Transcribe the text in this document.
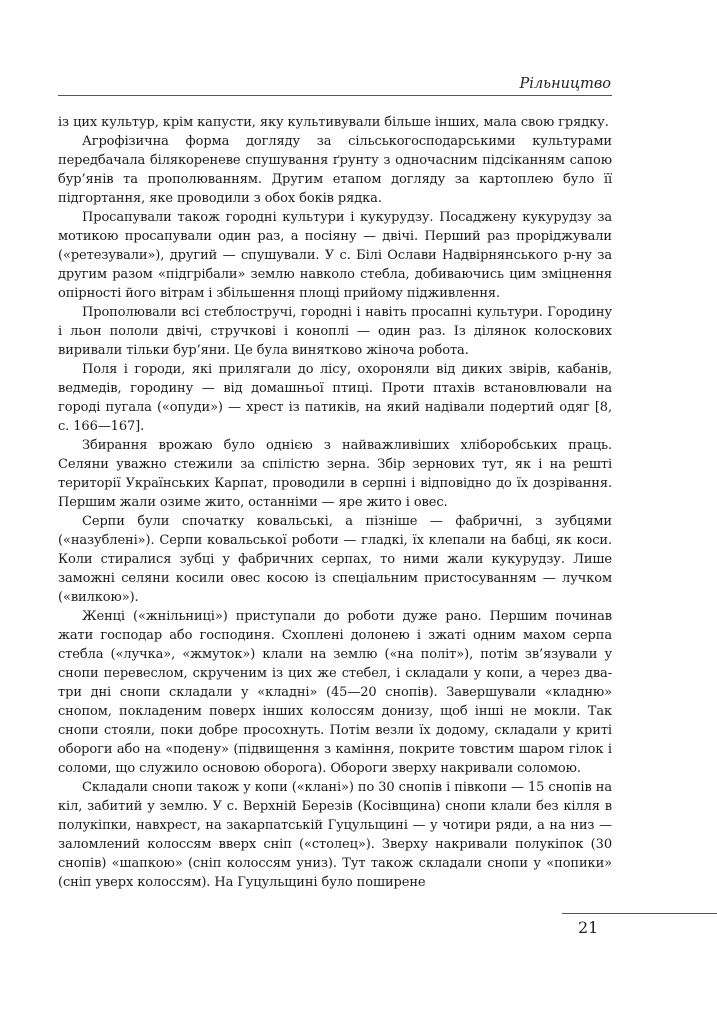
Рільництво

із цих культур, крім капусти, яку культивували більше інших, мала свою грядку.

Агрофізична форма догляду за сільськогосподарськими культурами передбачала білякореневе спушування ґрунту з одночасним підсіканням сапою бур’янів та прополюванням. Другим етапом догляду за картоплею було її підгортання, яке проводили з обох боків рядка.

Просапували також городні культури і кукурудзу. Посаджену кукурудзу за мотикою просапували один раз, а посіяну — двічі. Перший раз проріджували («ретезували»), другий — спушували. У с. Білі Ослави Надвірнянського р-ну за другим разом «підгрібали» землю навколо стебла, добиваючись цим зміцнення опірності його вітрам і збільшення площі прийому підживлення.

Прополювали всі стеблостручі, городні і навіть просапні культури. Городину і льон пололи двічі, стручкові і коноплі — один раз. Із ділянок колоскових виривали тільки бур’яни. Це була винятково жіноча робота.

Поля і городи, які прилягали до лісу, охороняли від диких звірів, кабанів, ведмедів, городину — від домашньої птиці. Проти птахів встановлювали на городі пугала («опуди») — хрест із патиків, на який надівали подертий одяг [8, с. 166—167].

Збирання врожаю було однією з найважливіших хліборобських праць. Селяни уважно стежили за спілістю зерна. Збір зернових тут, як і на решті території Українських Карпат, проводили в серпні і відповідно до їх дозрівання. Першим жали озиме жито, останніми — яре жито і овес.

Серпи були спочатку ковальські, а пізніше — фабричні, з зубцями («назублені»). Серпи ковальської роботи — гладкі, їх клепали на бабці, як коси. Коли стиралися зубці у фабричних серпах, то ними жали кукурудзу. Лише заможні селяни косили овес косою із спеціальним пристосуванням — лучком («вилкою»).

Женці («жнільниці») приступали до роботи дуже рано. Першим починав жати господар або господиня. Схоплені долонею і зжаті одним махом серпа стебла («лучка», «жмуток») клали на землю («на політ»), потім зв’язували у снопи перевеслом, скрученим із цих же стебел, і складали у копи, а через два-три дні снопи складали у «кладні» (45—20 снопів). Завершували «кладню» снопом, покладеним поверх інших колоссям донизу, щоб інші не мокли. Так снопи стояли, поки добре просохнуть. Потім везли їх додому, складали у криті обороги або на «подену» (підвищення з каміння, покрите товстим шаром гілок і соломи, що служило основою оборога). Обороги зверху накривали соломою.

Складали снопи також у копи («клані») по 30 снопів і півкопи — 15 снопів на кіл, забитий у землю. У с. Верхній Березів (Косівщина) снопи клали без кілля в полукіпки, навхрест, на закарпатській Гуцульщині — у чотири ряди, а на низ — заломлений колоссям вверх сніп («столец»). Зверху накривали полукіпок (30 снопів) «шапкою» (сніп колоссям униз). Тут також складали снопи у «попики» (сніп уверх колоссям). На Гуцульщині було поширене

21
